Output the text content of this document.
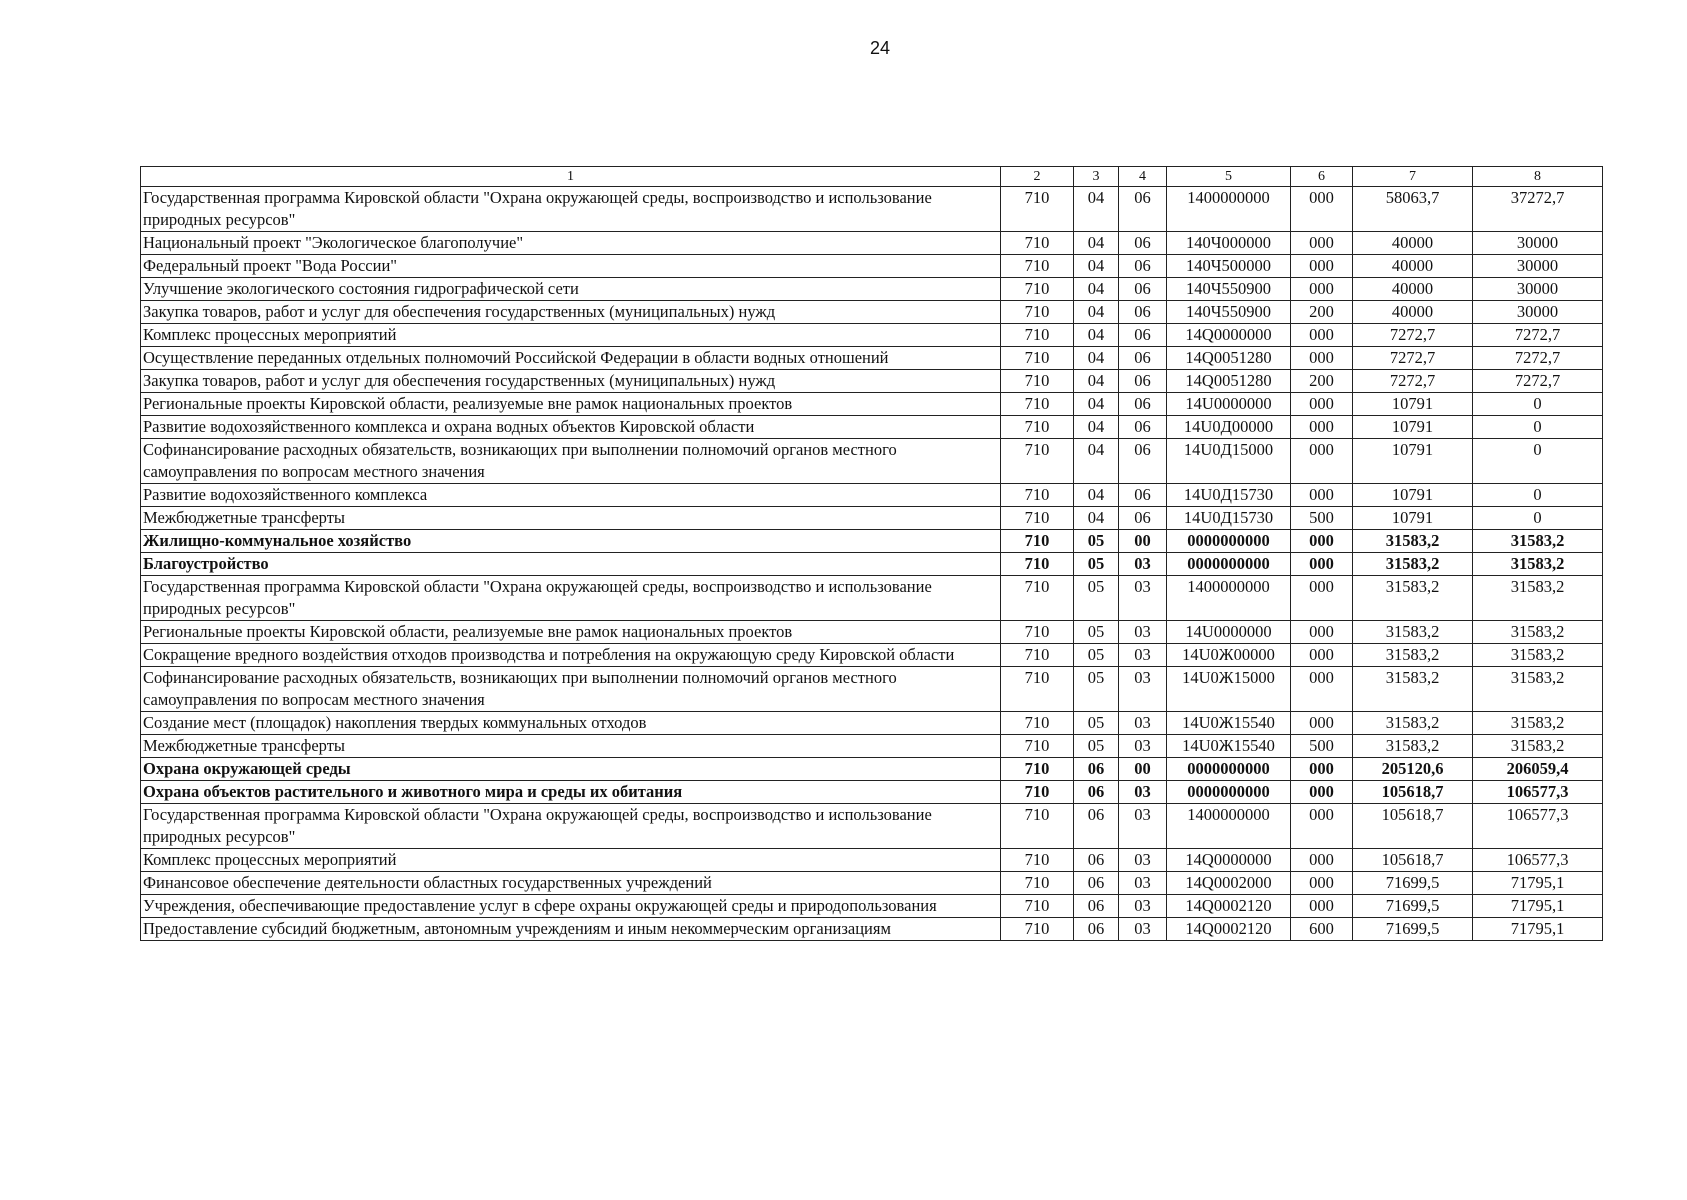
24
1	2	3	4	5	6	7	8
Государственная программа Кировской области "Охрана окружающей среды, воспроизводство и использование природных ресурсов"	710	04	06	1400000000	000	58063,7	37272,7
Национальный проект "Экологическое благополучие"	710	04	06	140Ч000000	000	40000	30000
Федеральный проект "Вода России"	710	04	06	140Ч500000	000	40000	30000
Улучшение экологического состояния гидрографической сети	710	04	06	140Ч550900	000	40000	30000
Закупка товаров, работ и услуг для обеспечения государственных (муниципальных) нужд	710	04	06	140Ч550900	200	40000	30000
Комплекс процессных мероприятий	710	04	06	14Q0000000	000	7272,7	7272,7
Осуществление переданных отдельных полномочий Российской Федерации в области водных отношений	710	04	06	14Q0051280	000	7272,7	7272,7
Закупка товаров, работ и услуг для обеспечения государственных (муниципальных) нужд	710	04	06	14Q0051280	200	7272,7	7272,7
Региональные проекты Кировской области, реализуемые вне рамок национальных проектов	710	04	06	14U0000000	000	10791	0
Развитие водохозяйственного комплекса и охрана водных объектов Кировской области	710	04	06	14U0Д00000	000	10791	0
Софинансирование расходных обязательств, возникающих при выполнении полномочий органов местного самоуправления по вопросам местного значения	710	04	06	14U0Д15000	000	10791	0
Развитие водохозяйственного комплекса	710	04	06	14U0Д15730	000	10791	0
Межбюджетные трансферты	710	04	06	14U0Д15730	500	10791	0
Жилищно-коммунальное хозяйство	710	05	00	0000000000	000	31583,2	31583,2
Благоустройство	710	05	03	0000000000	000	31583,2	31583,2
Государственная программа Кировской области "Охрана окружающей среды, воспроизводство и использование природных ресурсов"	710	05	03	1400000000	000	31583,2	31583,2
Региональные проекты Кировской области, реализуемые вне рамок национальных проектов	710	05	03	14U0000000	000	31583,2	31583,2
Сокращение вредного воздействия отходов производства и потребления на окружающую среду Кировской области	710	05	03	14U0Ж00000	000	31583,2	31583,2
Софинансирование расходных обязательств, возникающих при выполнении полномочий органов местного самоуправления по вопросам местного значения	710	05	03	14U0Ж15000	000	31583,2	31583,2
Создание мест (площадок) накопления твердых коммунальных отходов	710	05	03	14U0Ж15540	000	31583,2	31583,2
Межбюджетные трансферты	710	05	03	14U0Ж15540	500	31583,2	31583,2
Охрана окружающей среды	710	06	00	0000000000	000	205120,6	206059,4
Охрана объектов растительного и животного мира и среды их обитания	710	06	03	0000000000	000	105618,7	106577,3
Государственная программа Кировской области "Охрана окружающей среды, воспроизводство и использование природных ресурсов"	710	06	03	1400000000	000	105618,7	106577,3
Комплекс процессных мероприятий	710	06	03	14Q0000000	000	105618,7	106577,3
Финансовое обеспечение деятельности областных государственных учреждений	710	06	03	14Q0002000	000	71699,5	71795,1
Учреждения, обеспечивающие предоставление услуг в сфере охраны окружающей среды и природопользования	710	06	03	14Q0002120	000	71699,5	71795,1
Предоставление субсидий бюджетным, автономным учреждениям и иным некоммерческим организациям	710	06	03	14Q0002120	600	71699,5	71795,1
